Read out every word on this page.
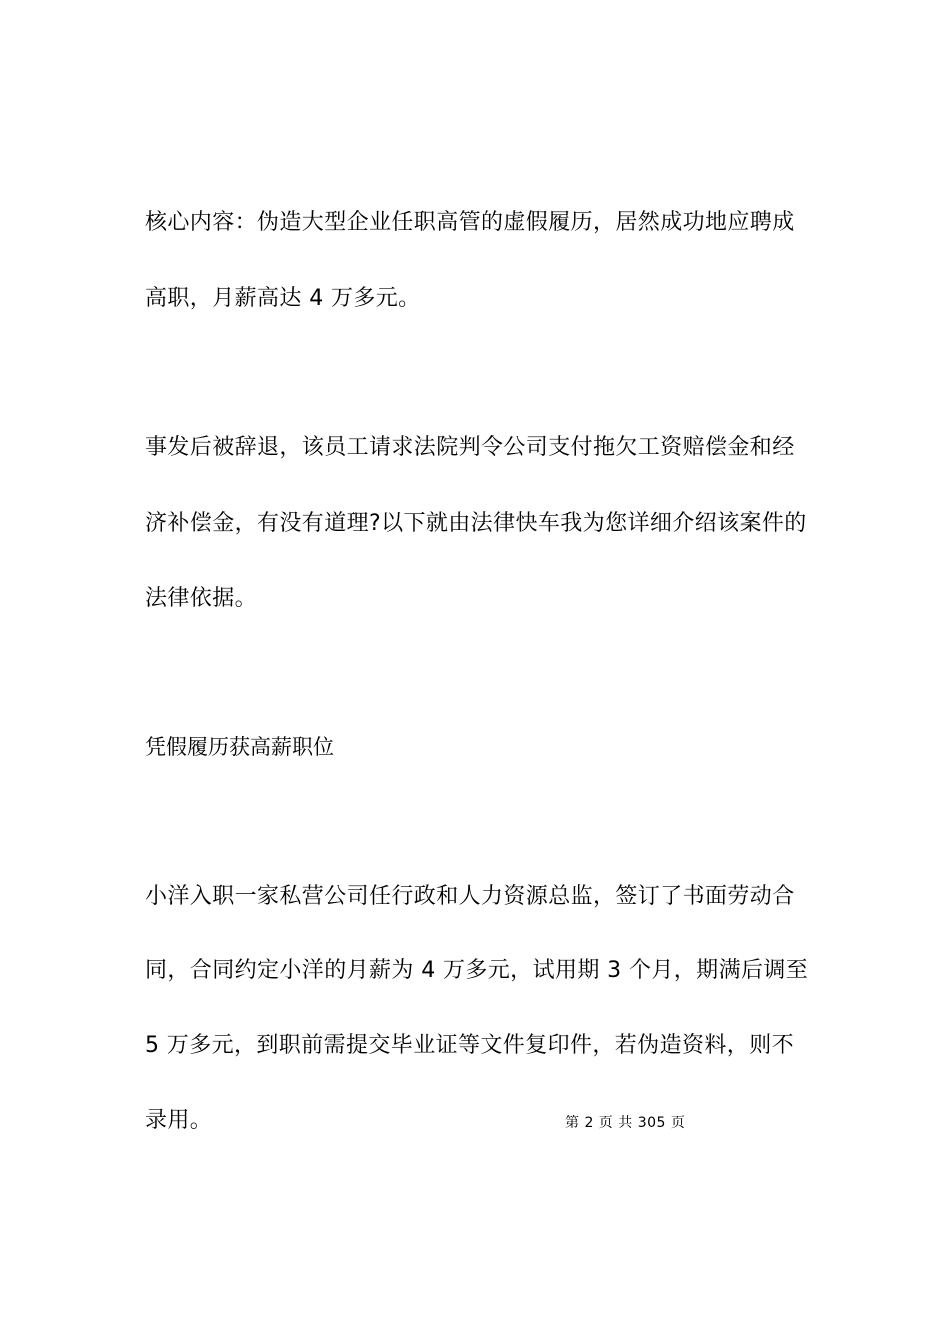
核心内容：伪造大型企业任职高管的虚假履历，居然成功地应聘成
高职，月薪高达 4 万多元。
事发后被辞退，该员工请求法院判令公司支付拖欠工资赔偿金和经
济补偿金，有没有道理?以下就由法律快车我为您详细介绍该案件的
法律依据。
凭假履历获高薪职位
小洋入职一家私营公司任行政和人力资源总监，签订了书面劳动合
同，合同约定小洋的月薪为 4 万多元，试用期 3 个月，期满后调至
5 万多元，到职前需提交毕业证等文件复印件，若伪造资料，则不
录用。	第 2 页 共 305 页
